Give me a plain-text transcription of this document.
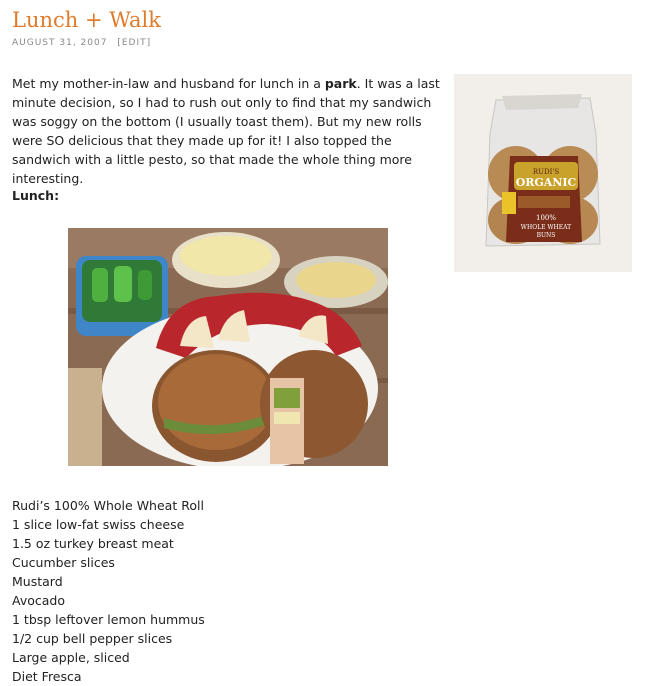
Lunch + Walk
AUGUST 31, 2007 [EDIT]

Met my mother-in-law and husband for lunch in a park. It was a last minute decision, so I had to rush out only to find that my sandwich was soggy on the bottom (I usually toast them). But my new rolls were SO delicious that they made up for it! I also topped the sandwich with a little pesto, so that made the whole thing more interesting.	RUDI'S
ORGANIC
100%
WHOLE WHEAT
BUNS
Lunch:
Rudi’s 100% Whole Wheat Roll
1 slice low-fat swiss cheese
1.5 oz turkey breast meat
Cucumber slices
Mustard
Avocado
1 tbsp leftover lemon hummus
1/2 cup bell pepper slices
Large apple, sliced
Diet Fresca
